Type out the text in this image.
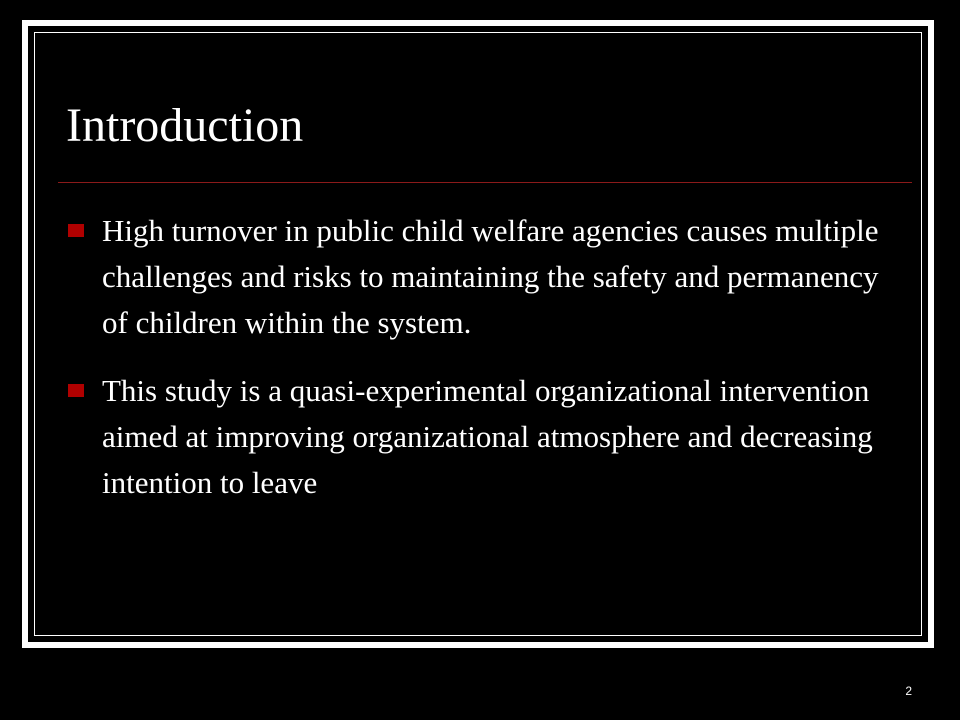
Introduction
High turnover in public child welfare agencies causes multiple challenges and risks to maintaining the safety and permanency of children within the system.
This study is a quasi-experimental organizational intervention aimed at improving organizational atmosphere and decreasing intention to leave
2
